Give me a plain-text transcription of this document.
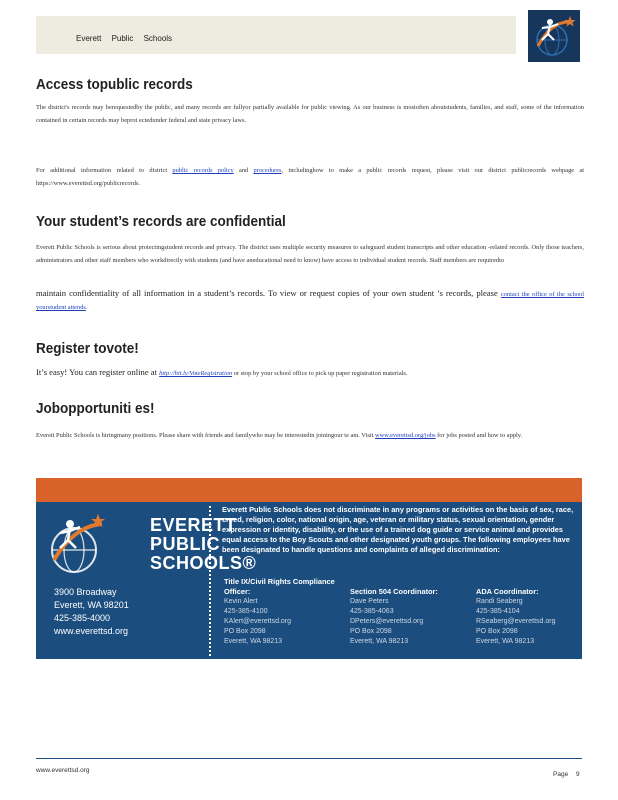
Everett Public Schools
Access topublic records

The district's records may berequestedby the public, and many records are fullyor partially available for public viewing. As our business is mostoften aboutstudents, families, and staff, some of the information contained in certain records may beprot ectedunder federal and state privacy laws.

For additional information related to district public records policy and procedures, includinghow to make a public records request, please visit our district publicrecords webpage at https://www.everettsd.org/publicrecords.

Your student’s records are confidential

Everett Public Schools is serious about protectingstudent records and privacy. The district uses multiple security measures to safeguard student transcripts and other education -related records. Only those teachers, administrators and other staff members who workdirectly with students (and have aneducational need to know) have access to individual student records. Staff members are requiredto

maintain confidentiality of all information in a student’s records. To view or request copies of your own student ’s records, please contact the office of the school yourstudent attends.

Register tovote!

It’s easy! You can register online at http://bit.ly/VoteRegistration or stop by your school office to pick up paper registration materials.

Jobopportuniti es!

Everett Public Schools is hiringmany positions. Please share with friends and familywho may be interestedin joiningour te am. Visit www.everettsd.org/jobs for jobs posted and how to apply.

EVERETT
PUBLIC
SCHOOLS®
3900 Broadway
Everett, WA 98201
425-385-4000
www.everettsd.org
Everett Public Schools does not discriminate in any programs or activities on the basis of sex, race, creed, religion, color, national origin, age, veteran or military status, sexual orientation, gender expression or identity, disability, or the use of a trained dog guide or service animal and provides equal access to the Boy Scouts and other designated youth groups. The following employees have been designated to handle questions and complaints of alleged discrimination:
Title IX/Civil Rights Compliance Officer:
Kevin Alert
425-385-4100
KAlert@everettsd.org
PO Box 2098
Everett, WA 98213
Section 504 Coordinator:
Dave Peters
425-385-4063
DPeters@everettsd.org
PO Box 2098
Everett, WA 98213
ADA Coordinator:
Randi Seaberg
425-385-4104
RSeaberg@everettsd.org
PO Box 2098
Everett, WA 98213
www.everettsd.org
Page 9
